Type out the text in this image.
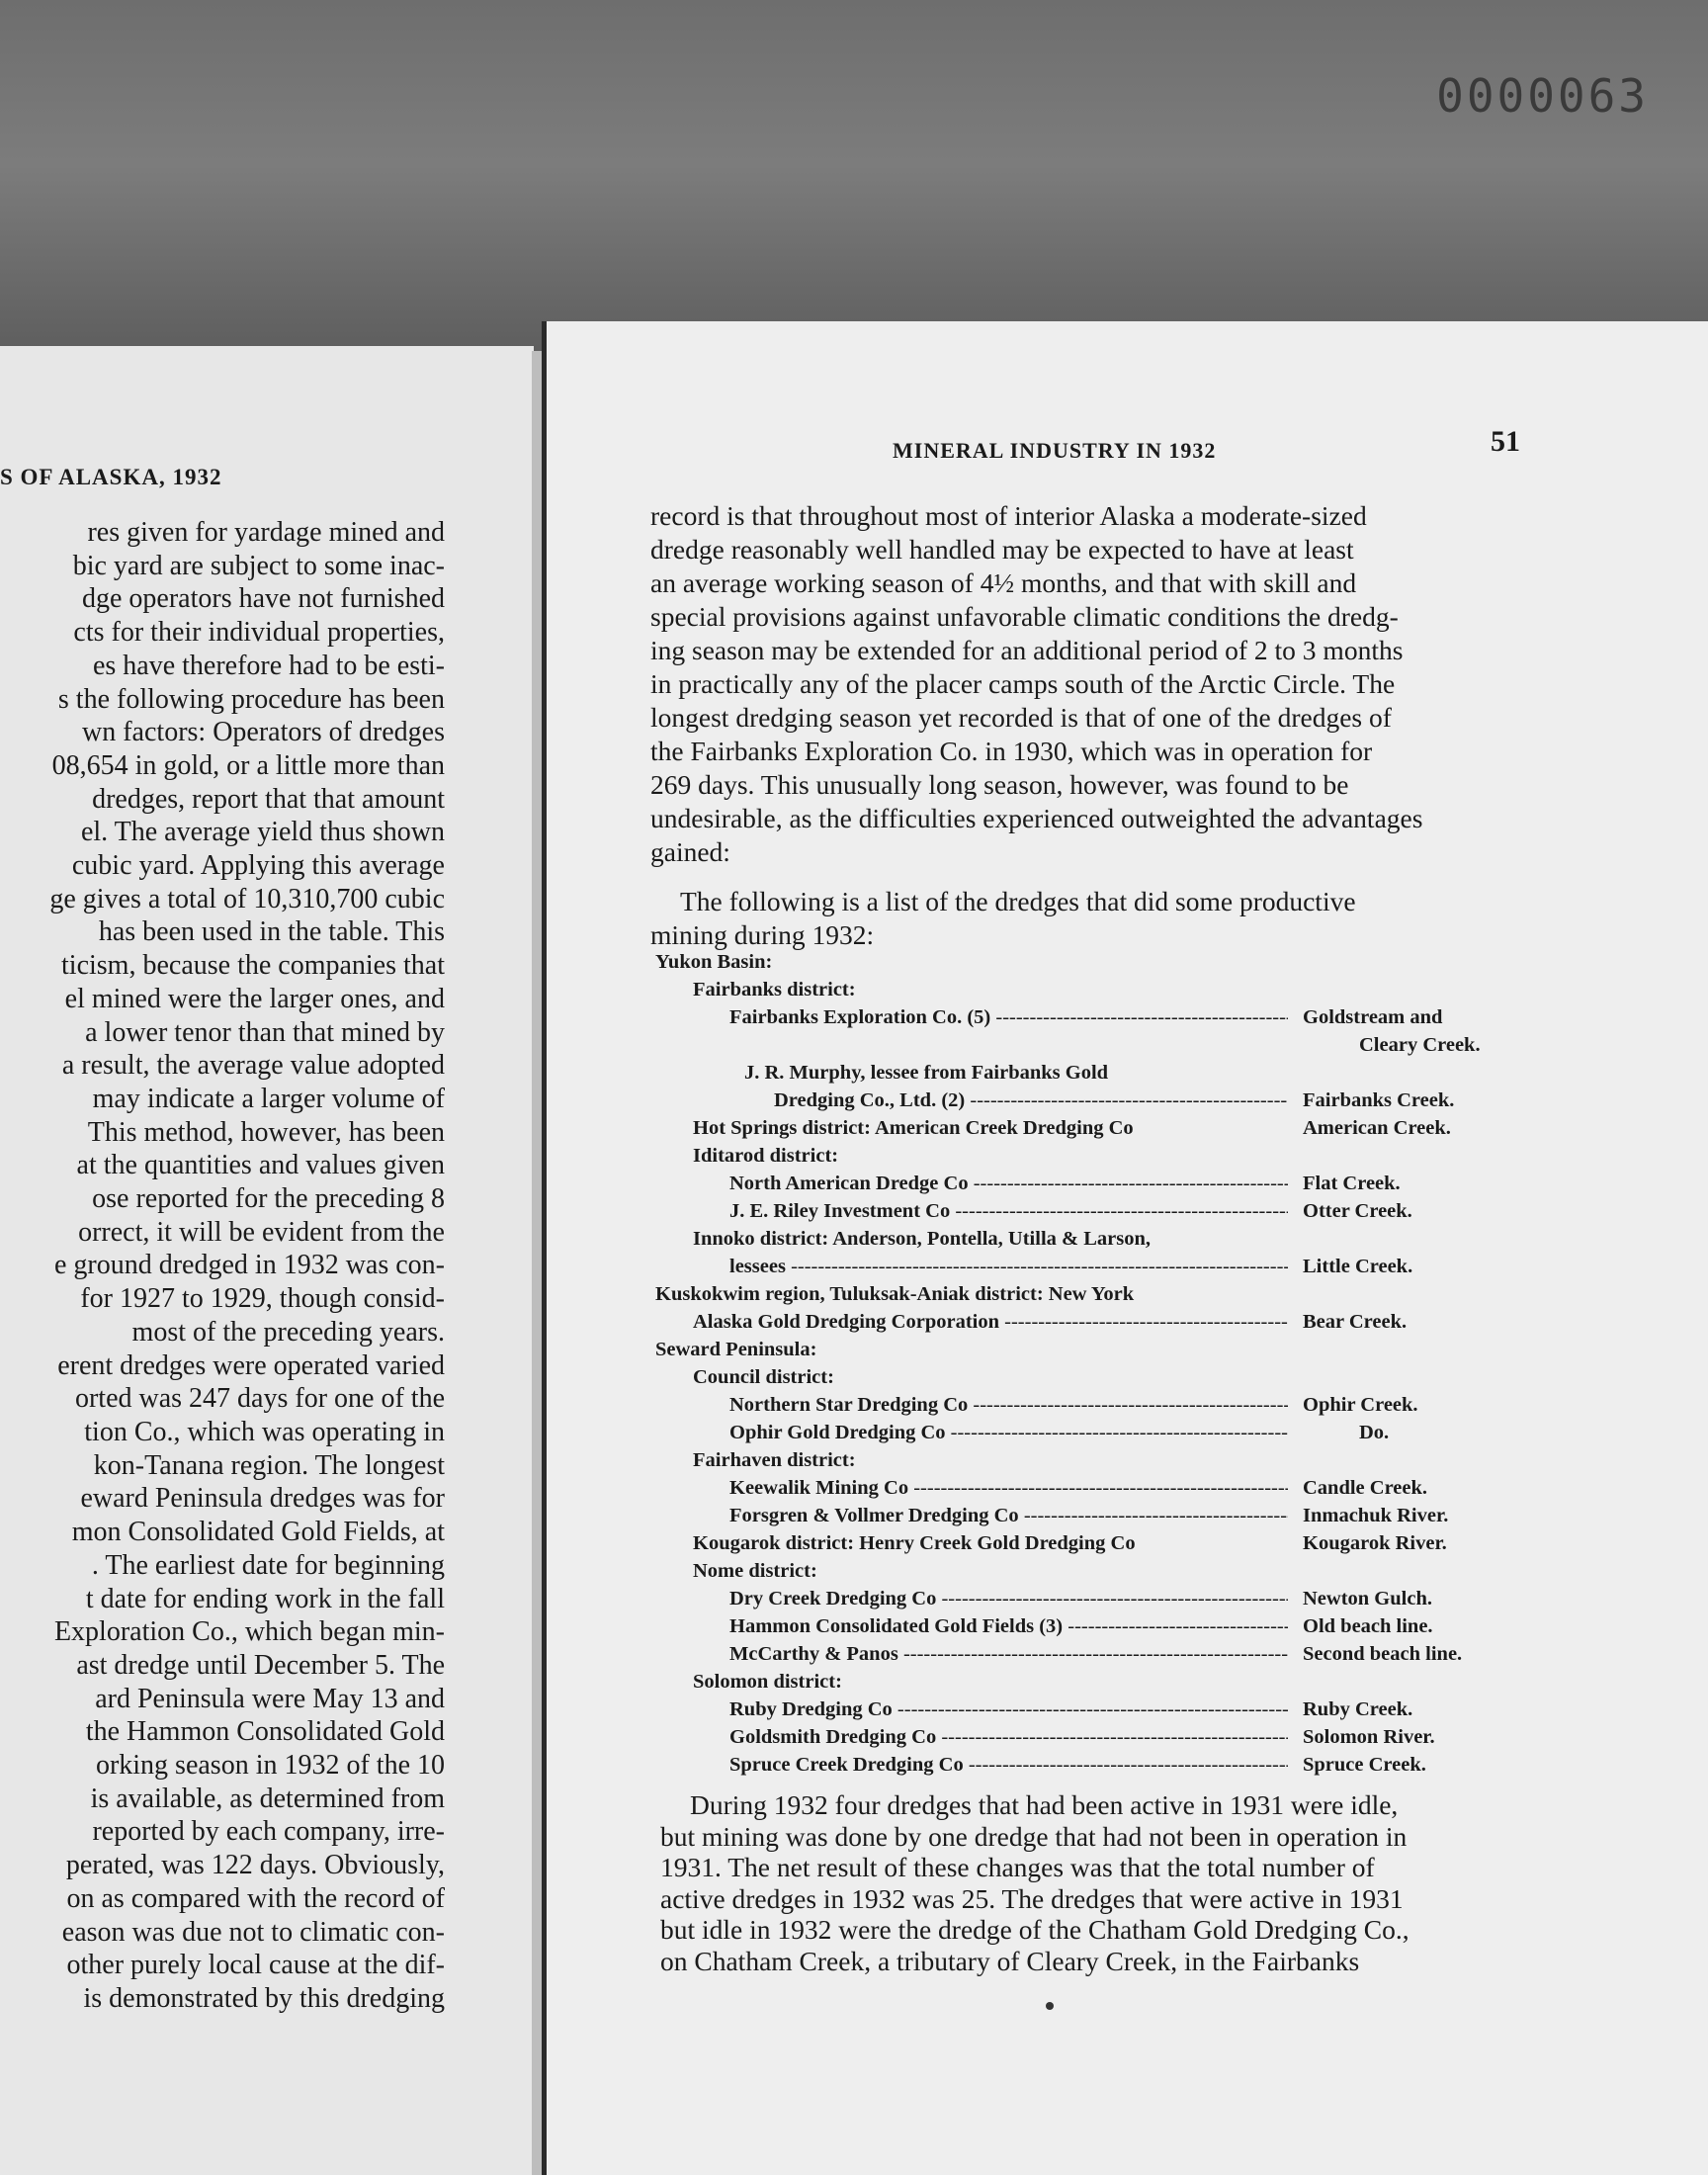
0000063
S OF ALASKA, 1932
res given for yardage mined and
bic yard are subject to some inac-
dge operators have not furnished
cts for their individual properties,
es have therefore had to be esti-
s the following procedure has been
wn factors: Operators of dredges
08,654 in gold, or a little more than
dredges, report that that amount
el. The average yield thus shown
cubic yard. Applying this average
ge gives a total of 10,310,700 cubic
has been used in the table. This
ticism, because the companies that
el mined were the larger ones, and
a lower tenor than that mined by
a result, the average value adopted
may indicate a larger volume of
This method, however, has been
at the quantities and values given
ose reported for the preceding 8
orrect, it will be evident from the
e ground dredged in 1932 was con-
for 1927 to 1929, though consid-
most of the preceding years.
erent dredges were operated varied
orted was 247 days for one of the
tion Co., which was operating in
kon-Tanana region. The longest
eward Peninsula dredges was for
mon Consolidated Gold Fields, at
. The earliest date for beginning
t date for ending work in the fall
Exploration Co., which began min-
ast dredge until December 5. The
ard Peninsula were May 13 and
the Hammon Consolidated Gold
orking season in 1932 of the 10
is available, as determined from
reported by each company, irre-
perated, was 122 days. Obviously,
on as compared with the record of
eason was due not to climatic con-
other purely local cause at the dif-
is demonstrated by this dredging
MINERAL INDUSTRY IN 1932	51
record is that throughout most of interior Alaska a moderate-sized
dredge reasonably well handled may be expected to have at least
an average working season of 4½ months, and that with skill and
special provisions against unfavorable climatic conditions the dredg-
ing season may be extended for an additional period of 2 to 3 months
in practically any of the placer camps south of the Arctic Circle. The
longest dredging season yet recorded is that of one of the dredges of
the Fairbanks Exploration Co. in 1930, which was in operation for
269 days. This unusually long season, however, was found to be
undesirable, as the difficulties experienced outweighted the advantages
gained:
The following is a list of the dredges that did some productive
mining during 1932:
Yukon Basin:
Fairbanks district:
Fairbanks Exploration Co. (5) -----	Goldstream and
Cleary Creek.
J. R. Murphy, lessee from Fairbanks Gold
Dredging Co., Ltd. (2) -----	Fairbanks Creek.
Hot Springs district: American Creek Dredging Co	American Creek.
Iditarod district:
North American Dredge Co -----	Flat Creek.
J. E. Riley Investment Co -----	Otter Creek.
Innoko district: Anderson, Pontella, Utilla & Larson,
lessees -----	Little Creek.
Kuskokwim region, Tuluksak-Aniak district: New York
Alaska Gold Dredging Corporation -----	Bear Creek.
Seward Peninsula:
Council district:
Northern Star Dredging Co -----	Ophir Creek.
Ophir Gold Dredging Co -----	Do.
Fairhaven district:
Keewalik Mining Co -----	Candle Creek.
Forsgren & Vollmer Dredging Co -----	Inmachuk River.
Kougarok district: Henry Creek Gold Dredging Co	Kougarok River.
Nome district:
Dry Creek Dredging Co -----	Newton Gulch.
Hammon Consolidated Gold Fields (3) -----	Old beach line.
McCarthy & Panos -----	Second beach line.
Solomon district:
Ruby Dredging Co -----	Ruby Creek.
Goldsmith Dredging Co -----	Solomon River.
Spruce Creek Dredging Co -----	Spruce Creek.
During 1932 four dredges that had been active in 1931 were idle,
but mining was done by one dredge that had not been in operation in
1931. The net result of these changes was that the total number of
active dredges in 1932 was 25. The dredges that were active in 1931
but idle in 1932 were the dredge of the Chatham Gold Dredging Co.,
on Chatham Creek, a tributary of Cleary Creek, in the Fairbanks
